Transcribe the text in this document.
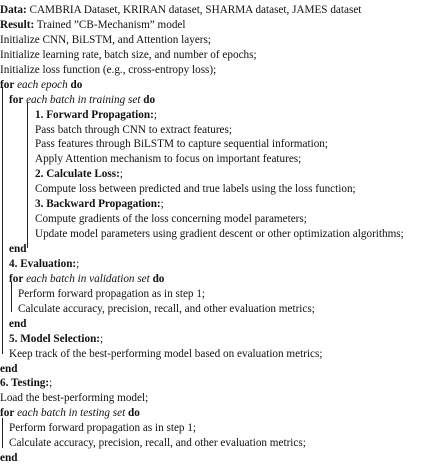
Data: CAMBRIA Dataset, KRIRAN dataset, SHARMA dataset, JAMES dataset
Result: Trained ”CB-Mechanism” model
Initialize CNN, BiLSTM, and Attention layers;
Initialize learning rate, batch size, and number of epochs;
Initialize loss function (e.g., cross-entropy loss);
for each epoch do
for each batch in training set do
1. Forward Propagation:;
Pass batch through CNN to extract features;
Pass features through BiLSTM to capture sequential information;
Apply Attention mechanism to focus on important features;
2. Calculate Loss:;
Compute loss between predicted and true labels using the loss function;
3. Backward Propagation:;
Compute gradients of the loss concerning model parameters;
Update model parameters using gradient descent or other optimization algorithms;
end
4. Evaluation:;
for each batch in validation set do
Perform forward propagation as in step 1;
Calculate accuracy, precision, recall, and other evaluation metrics;
end
5. Model Selection:;
Keep track of the best-performing model based on evaluation metrics;
end
6. Testing:;
Load the best-performing model;
for each batch in testing set do
Perform forward propagation as in step 1;
Calculate accuracy, precision, recall, and other evaluation metrics;
end
